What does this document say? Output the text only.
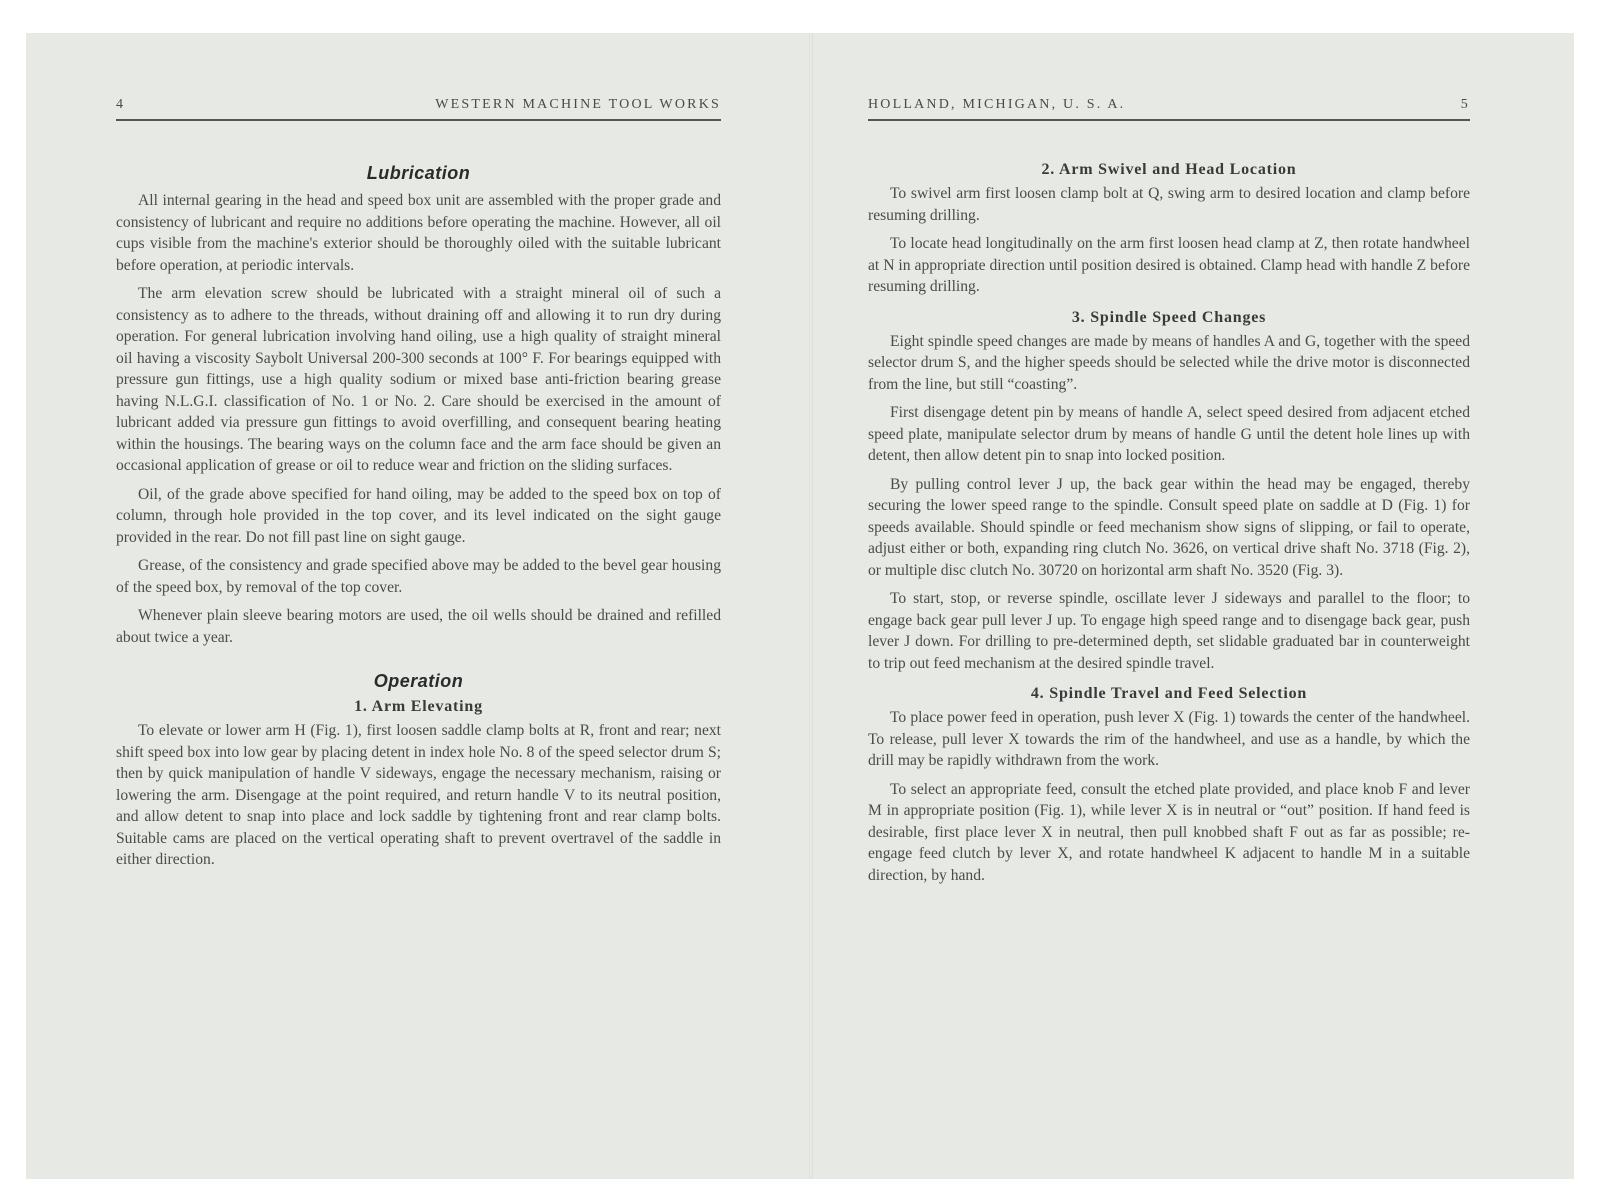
4	WESTERN MACHINE TOOL WORKS
Lubrication

All internal gearing in the head and speed box unit are assembled with the proper grade and consistency of lubricant and require no additions before operating the machine. However, all oil cups visible from the machine's exterior should be thoroughly oiled with the suitable lubricant before operation, at periodic intervals.

The arm elevation screw should be lubricated with a straight mineral oil of such a consistency as to adhere to the threads, without draining off and allowing it to run dry during operation. For general lubrication involving hand oiling, use a high quality of straight mineral oil having a viscosity Saybolt Universal 200-300 seconds at 100° F. For bearings equipped with pressure gun fittings, use a high quality sodium or mixed base anti-friction bearing grease having N.L.G.I. classification of No. 1 or No. 2. Care should be exercised in the amount of lubricant added via pressure gun fittings to avoid overfilling, and consequent bearing heating within the housings. The bearing ways on the column face and the arm face should be given an occasional application of grease or oil to reduce wear and friction on the sliding surfaces.

Oil, of the grade above specified for hand oiling, may be added to the speed box on top of column, through hole provided in the top cover, and its level indicated on the sight gauge provided in the rear. Do not fill past line on sight gauge.

Grease, of the consistency and grade specified above may be added to the bevel gear housing of the speed box, by removal of the top cover.

Whenever plain sleeve bearing motors are used, the oil wells should be drained and refilled about twice a year.

Operation
1. Arm Elevating

To elevate or lower arm H (Fig. 1), first loosen saddle clamp bolts at R, front and rear; next shift speed box into low gear by placing detent in index hole No. 8 of the speed selector drum S; then by quick manipulation of handle V sideways, engage the necessary mechanism, raising or lowering the arm. Disengage at the point required, and return handle V to its neutral position, and allow detent to snap into place and lock saddle by tightening front and rear clamp bolts. Suitable cams are placed on the vertical operating shaft to prevent overtravel of the saddle in either direction.

HOLLAND, MICHIGAN, U. S. A.	5
2. Arm Swivel and Head Location

To swivel arm first loosen clamp bolt at Q, swing arm to desired location and clamp before resuming drilling.

To locate head longitudinally on the arm first loosen head clamp at Z, then rotate handwheel at N in appropriate direction until position desired is obtained. Clamp head with handle Z before resuming drilling.

3. Spindle Speed Changes

Eight spindle speed changes are made by means of handles A and G, together with the speed selector drum S, and the higher speeds should be selected while the drive motor is disconnected from the line, but still “coasting”.

First disengage detent pin by means of handle A, select speed desired from adjacent etched speed plate, manipulate selector drum by means of handle G until the detent hole lines up with detent, then allow detent pin to snap into locked position.

By pulling control lever J up, the back gear within the head may be engaged, thereby securing the lower speed range to the spindle. Consult speed plate on saddle at D (Fig. 1) for speeds available. Should spindle or feed mechanism show signs of slipping, or fail to operate, adjust either or both, expanding ring clutch No. 3626, on vertical drive shaft No. 3718 (Fig. 2), or multiple disc clutch No. 30720 on horizontal arm shaft No. 3520 (Fig. 3).

To start, stop, or reverse spindle, oscillate lever J sideways and parallel to the floor; to engage back gear pull lever J up. To engage high speed range and to disengage back gear, push lever J down. For drilling to pre-determined depth, set slidable graduated bar in counterweight to trip out feed mechanism at the desired spindle travel.

4. Spindle Travel and Feed Selection

To place power feed in operation, push lever X (Fig. 1) towards the center of the handwheel. To release, pull lever X towards the rim of the handwheel, and use as a handle, by which the drill may be rapidly withdrawn from the work.

To select an appropriate feed, consult the etched plate provided, and place knob F and lever M in appropriate position (Fig. 1), while lever X is in neutral or “out” position. If hand feed is desirable, first place lever X in neutral, then pull knobbed shaft F out as far as possible; re-engage feed clutch by lever X, and rotate handwheel K adjacent to handle M in a suitable direction, by hand.
